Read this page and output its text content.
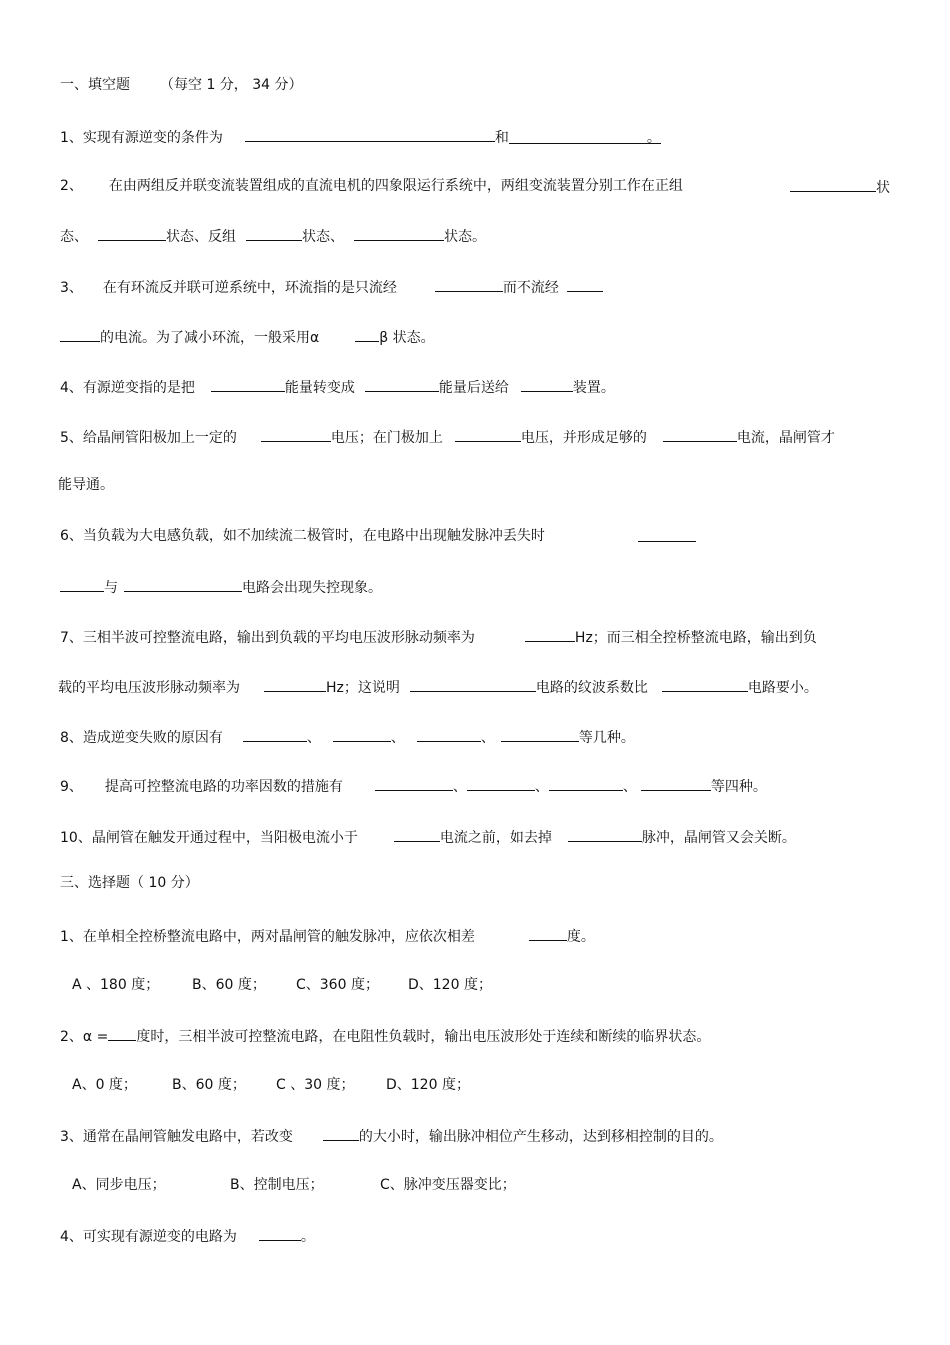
一、填空题 （每空 1 分， 34 分）
1、实现有源逆变的条件为	和	。
2、 在由两组反并联变流装置组成的直流电机的四象限运行系统中，两组变流装置分别工作在正组	状
态、	状态、反组	状态、	状态。
3、 在有环流反并联可逆系统中，环流指的是只流经	而不流经
的电流。为了减小环流，一般采用α	β 状态。
4、有源逆变指的是把	能量转变成	能量后送给	装置。
5、给晶闸管阳极加上一定的	电压；在门极加上	电压，并形成足够的	电流，晶闸管才
能导通。
6、当负载为大电感负载，如不加续流二极管时，在电路中出现触发脉冲丢失时
与	电路会出现失控现象。
7、三相半波可控整流电路，输出到负载的平均电压波形脉动频率为	Hz；而三相全控桥整流电路，输出到负
载的平均电压波形脉动频率为	Hz；这说明	电路的纹波系数比	电路要小。
8、造成逆变失败的原因有	、	、	、	等几种。
9、 提高可控整流电路的功率因数的措施有	、	、	、	等四种。
10、晶闸管在触发开通过程中，当阳极电流小于	电流之前，如去掉	脉冲，晶闸管又会关断。
三、选择题（ 10 分）
1、在单相全控桥整流电路中，两对晶闸管的触发脉冲，应依次相差	度。
A 、180 度； B、60 度； C、360 度； D、120 度；
2、α = 度时，三相半波可控整流电路，在电阻性负载时，输出电压波形处于连续和断续的临界状态。
A、0 度；	B、60 度； C 、30 度； D、120 度；
3、通常在晶闸管触发电路中，若改变	的大小时，输出脉冲相位产生移动，达到移相控制的目的。
A、同步电压；	B、控制电压；	C、脉冲变压器变比；
4、可实现有源逆变的电路为	。
